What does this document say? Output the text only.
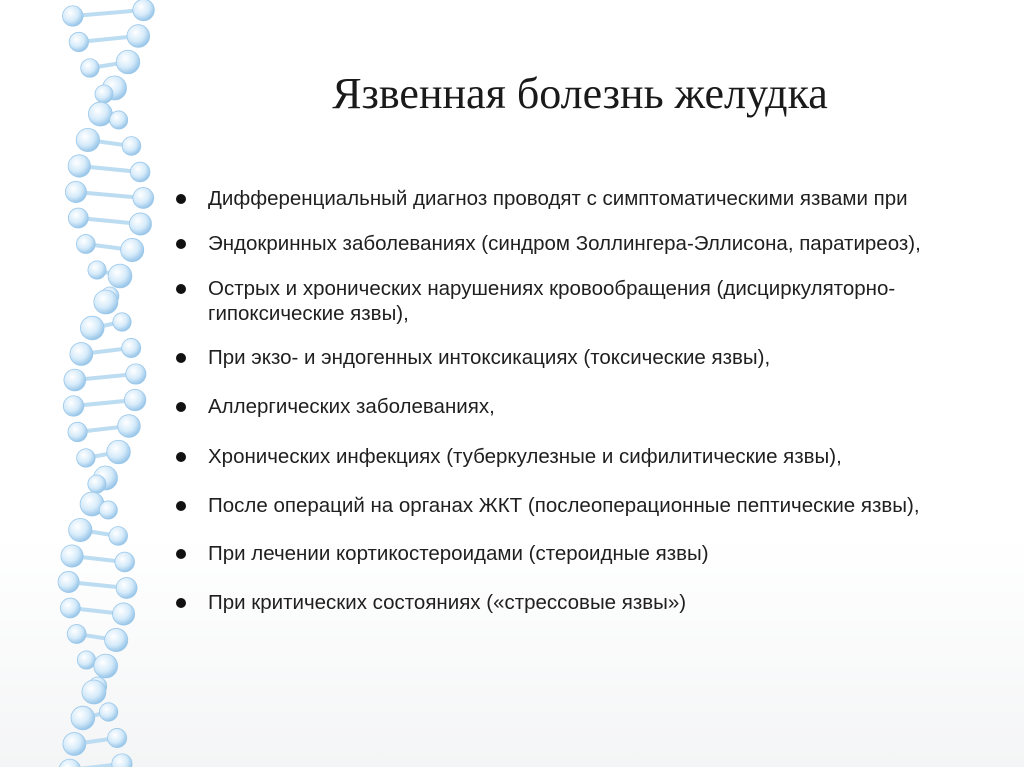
Язвенная болезнь желудка
Дифференциальный диагноз проводят с симптоматическими язвами при
Эндокринных заболеваниях (синдром Золлингера-Эллисона, паратиреоз),
Острых и хронических нарушениях кровообращения (дисциркуляторно-гипоксические язвы),
При экзо- и эндогенных интоксикациях (токсические язвы),
Аллергических заболеваниях,
Хронических инфекциях (туберкулезные и сифилитические язвы),
После операций на органах ЖКТ (послеоперационные пептические язвы),
При лечении кортикостероидами (стероидные язвы)
При критических состояниях («стрессовые язвы»)
